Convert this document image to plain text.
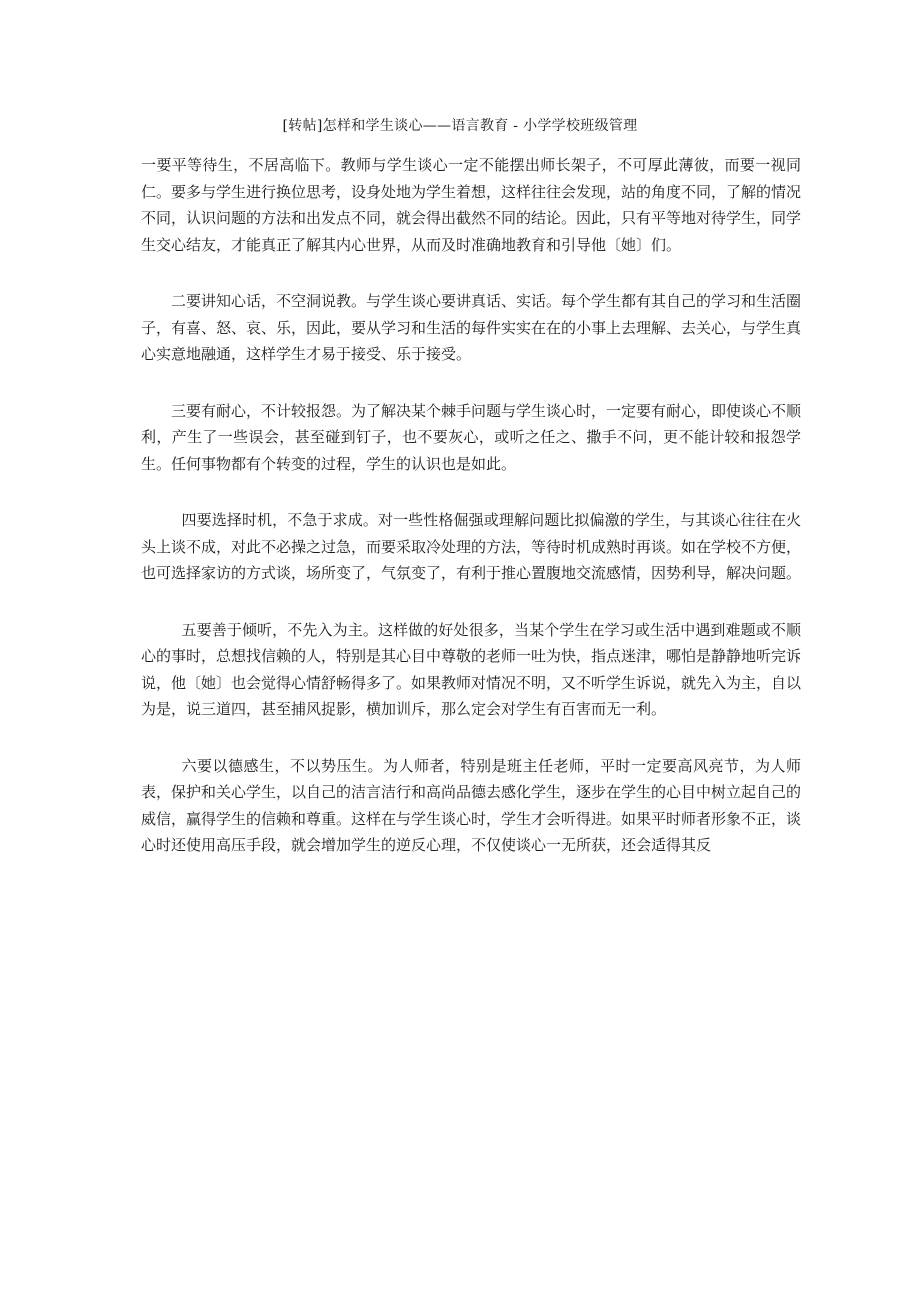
[转帖]怎样和学生谈心——语言教育 - 小学学校班级管理

一要平等待生，不居高临下。教师与学生谈心一定不能摆出师长架子，不可厚此薄彼，而要一视同仁。要多与学生进行换位思考，设身处地为学生着想，这样往往会发现，站的角度不同，了解的情况不同，认识问题的方法和出发点不同，就会得出截然不同的结论。因此，只有平等地对待学生，同学生交心结友，才能真正了解其内心世界，从而及时准确地教育和引导他〔她〕们。

二要讲知心话，不空洞说教。与学生谈心要讲真话、实话。每个学生都有其自己的学习和生活圈子，有喜、怒、哀、乐，因此，要从学习和生活的每件实实在在的小事上去理解、去关心，与学生真心实意地融通，这样学生才易于接受、乐于接受。

三要有耐心，不计较报怨。为了解决某个棘手问题与学生谈心时，一定要有耐心，即使谈心不顺利，产生了一些误会，甚至碰到钉子，也不要灰心，或听之任之、撒手不问，更不能计较和报怨学生。任何事物都有个转变的过程，学生的认识也是如此。

四要选择时机，不急于求成。对一些性格倔强或理解问题比拟偏激的学生，与其谈心往往在火头上谈不成，对此不必操之过急，而要采取冷处理的方法，等待时机成熟时再谈。如在学校不方便，也可选择家访的方式谈，场所变了，气氛变了，有利于推心置腹地交流感情，因势利导，解决问题。

五要善于倾听，不先入为主。这样做的好处很多，当某个学生在学习或生活中遇到难题或不顺心的事时，总想找信赖的人，特别是其心目中尊敬的老师一吐为快，指点迷津，哪怕是静静地听完诉说，他〔她〕也会觉得心情舒畅得多了。如果教师对情况不明，又不听学生诉说，就先入为主，自以为是，说三道四，甚至捕风捉影，横加训斥，那么定会对学生有百害而无一利。

六要以德感生，不以势压生。为人师者，特别是班主任老师，平时一定要高风亮节，为人师表，保护和关心学生，以自己的洁言洁行和高尚品德去感化学生，逐步在学生的心目中树立起自己的威信，赢得学生的信赖和尊重。这样在与学生谈心时，学生才会听得进。如果平时师者形象不正，谈心时还使用高压手段，就会增加学生的逆反心理，不仅使谈心一无所获，还会适得其反
